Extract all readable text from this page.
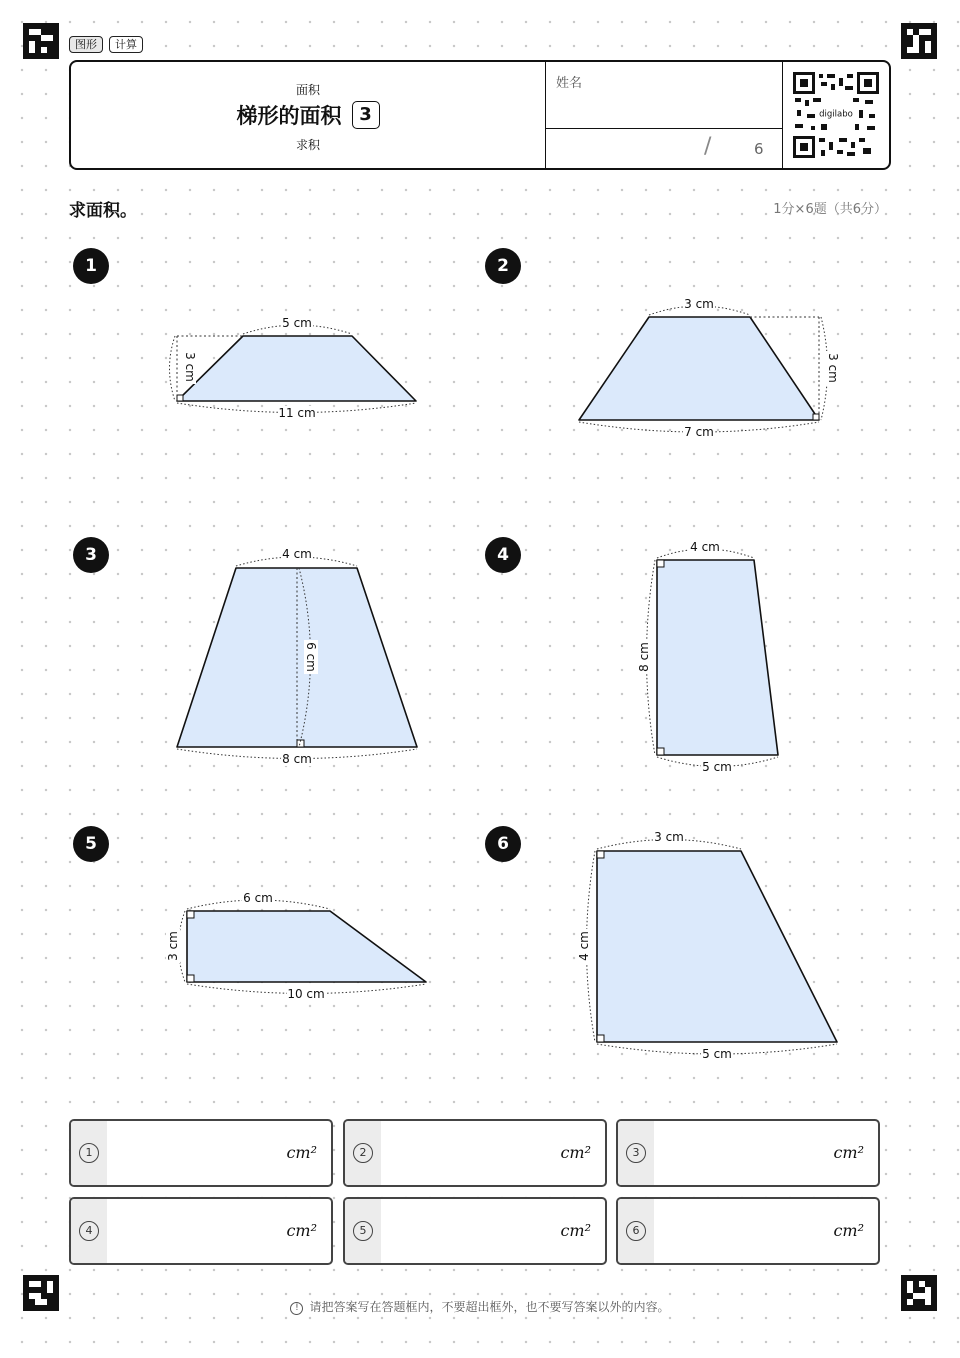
图形	计算
面积
梯形的面积 3
求积
姓名
/	6
digilabo
求面积。	1分×6题（共6分）
1	2
3	4
5	6
5 cm
11 cm
3 cm
3 cm
7 cm
3 cm
4 cm
8 cm
6 cm
4 cm
5 cm
8 cm
6 cm
10 cm
3 cm
3 cm
5 cm
4 cm
1	cm²	2	cm²	3	cm²
4	cm²	5	cm²	6	cm²
! 请把答案写在答题框内，不要超出框外，也不要写答案以外的内容。
